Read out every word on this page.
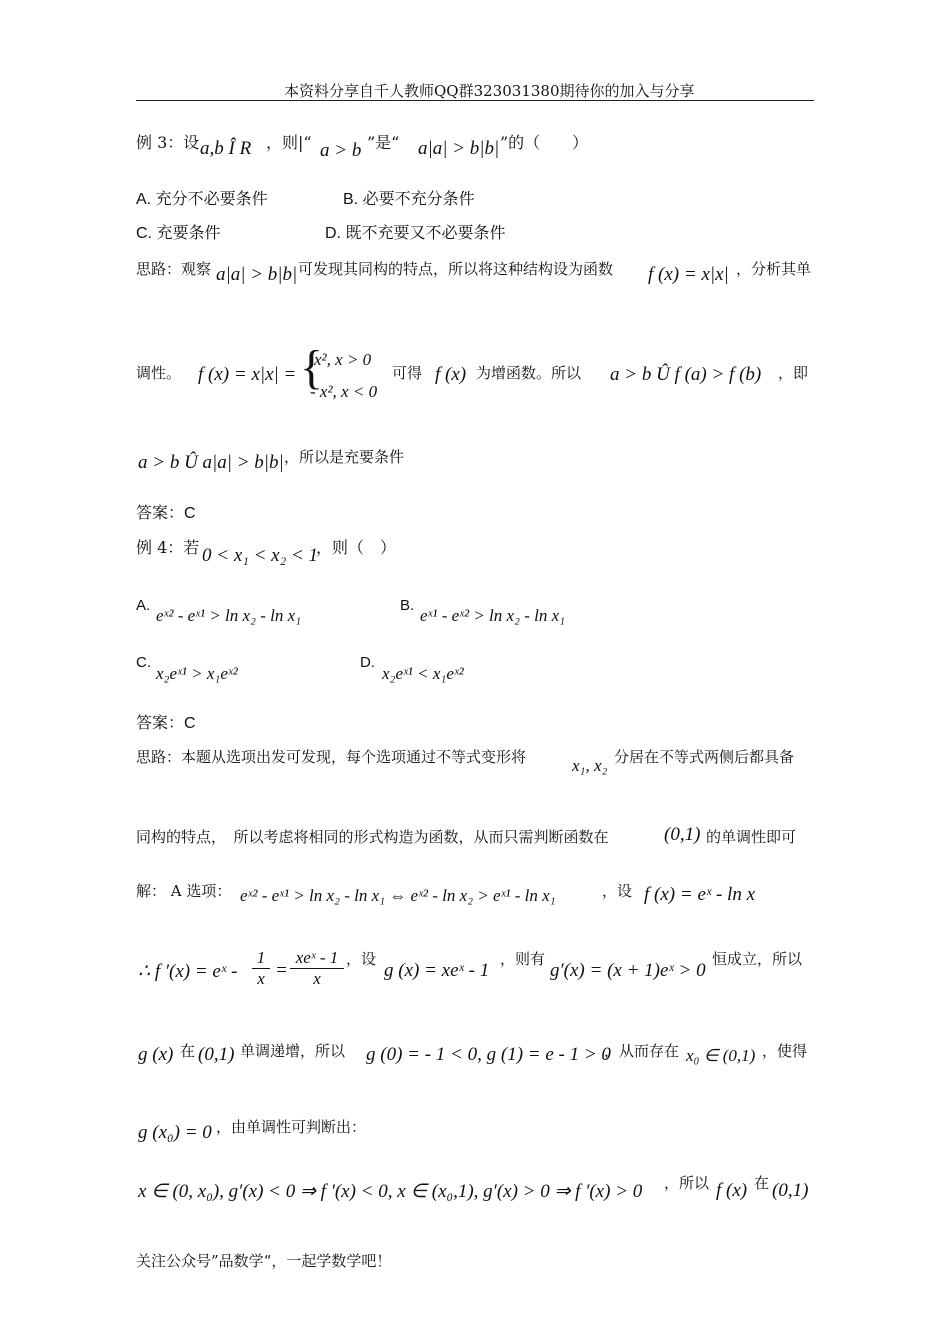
本资料分享自千人教师QQ群323031380期待你的加入与分享
例 3：设 a,b Î R ，则|“ a > b ”是“ a|a| > b|b| ”的（　　）
A. 充分不必要条件	B. 必要不充分条件
C. 充要条件	D. 既不充要又不必要条件
思路：观察 a|a| > b|b| 可发现其同构的特点，所以将这种结构设为函数 f (x) = x|x| ，分析其单
调性。 f (x) = x|x| = {
x², x > 0
- x², x < 0
可得 f (x) 为增函数。所以 a > b Û f (a) > f (b) ，即
a > b Û a|a| > b|b| ，所以是充要条件
答案：C
例 4：若 0 < x₁ < x₂ < 1
，则（　）
A.
eˣ² - eˣ¹ > ln x₂ - ln x₁
B.
eˣ¹ - eˣ² > ln x₂ - ln x₁
C.
x₂eˣ¹ > x₁eˣ²
D.
x₂eˣ¹ < x₁eˣ²
答案：C
思路：本题从选项出发可发现，每个选项通过不等式变形将	x₁, x₂ 分居在不等式两侧后都具备
同构的特点，　所以考虑将相同的形式构造为函数，从而只需判断函数在	(0,1) 的单调性即可
解： A 选项： eˣ² - eˣ¹ > ln x₂ - ln x₁ ⇔ eˣ² - ln x₂ > eˣ¹ - ln x₁	，设 f (x) = eˣ - ln x
∴ f ′(x) = eˣ - $\frac{1}{x}$ =
xeˣ - 1
x
，设
g (x) = xeˣ - 1
，则有
g′(x) = (x + 1)eˣ > 0
恒成立，所以
g (x) 在 (0,1) 单调递增，所以 g (0) = - 1 < 0, g (1) = e - 1 > 0
，从而存在 x₀ ∈ (0,1) ，使得
g (x₀) = 0 ，由单调性可判断出：
x ∈ (0, x₀), g′(x) < 0 ⇒ f ′(x) < 0, x ∈ (x₀,1), g′(x) > 0 ⇒ f ′(x) > 0 ，所以 f (x) 在 (0,1)
关注公众号”品数学“，一起学数学吧！
